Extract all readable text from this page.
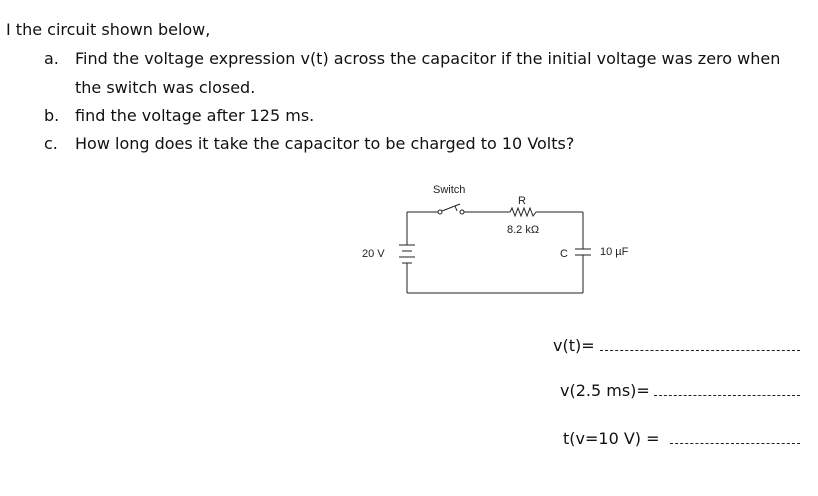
I the circuit shown below,
a. Find the voltage expression v(t) across the capacitor if the initial voltage was zero when
the switch was closed.
b. find the voltage after 125 ms.
c. How long does it take the capacitor to be charged to 10 Volts?
Switch
R
8.2 kΩ
20 V	C	10 µF
v(t)=
v(2.5 ms)=
t(v=10 V) =
